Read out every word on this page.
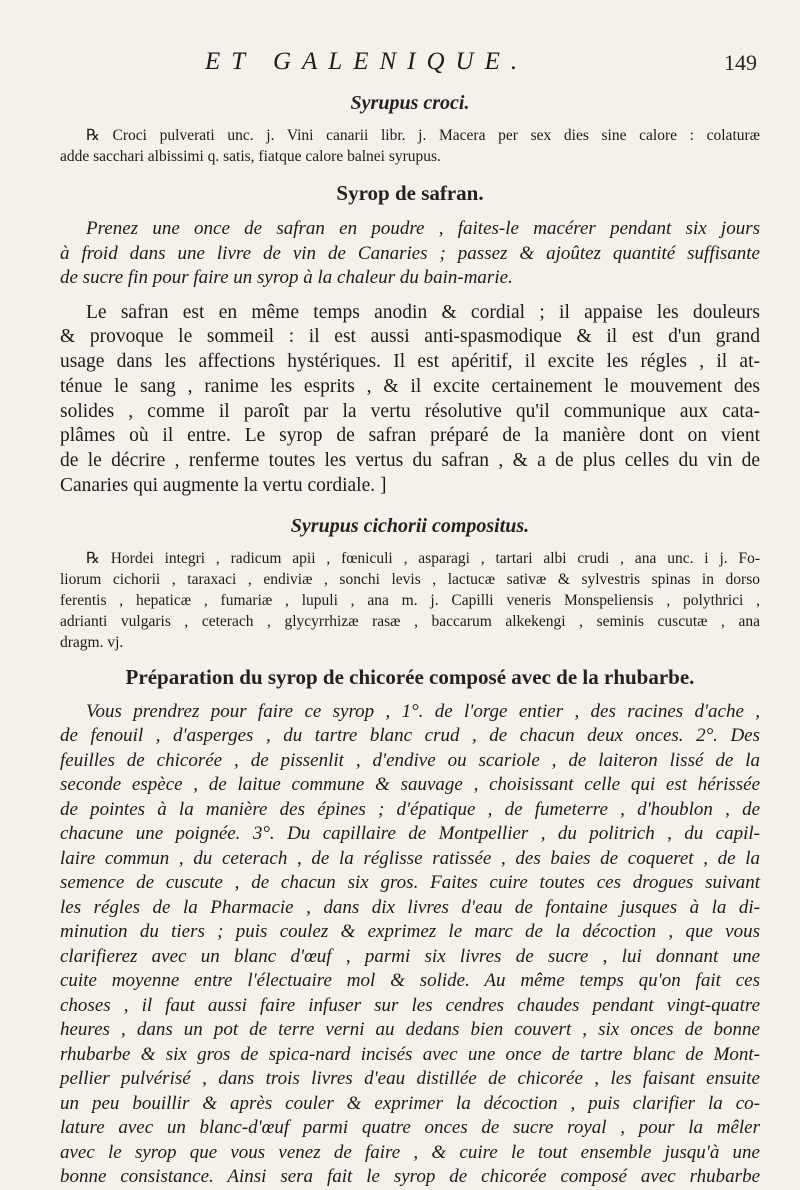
ET GALENIQUE.	149
Syrupus croci.

℞ Croci pulverati unc. j. Vini canarii libr. j. Macera per sex dies sine calore : colaturæ
adde sacchari albissimi q. satis, fiatque calore balnei syrupus.

Syrop de safran.

Prenez une once de safran en poudre , faites-le macérer pendant six jours
à froid dans une livre de vin de Canaries ; passez & ajoûtez quantité suffisante
de sucre fin pour faire un syrop à la chaleur du bain-marie.

Le safran est en même temps anodin & cordial ; il appaise les douleurs
& provoque le sommeil : il est aussi anti-spasmodique & il est d'un grand
usage dans les affections hystériques. Il est apéritif, il excite les régles , il at-
ténue le sang , ranime les esprits , & il excite certainement le mouvement des
solides , comme il paroît par la vertu résolutive qu'il communique aux cata-
plâmes où il entre. Le syrop de safran préparé de la manière dont on vient
de le décrire , renferme toutes les vertus du safran , & a de plus celles du vin de
Canaries qui augmente la vertu cordiale. ]

Syrupus cichorii compositus.

℞ Hordei integri , radicum apii , fœniculi , asparagi , tartari albi crudi , ana unc. i j. Fo-
liorum cichorii , taraxaci , endiviæ , sonchi levis , lactucæ sativæ & sylvestris spinas in dorso
ferentis , hepaticæ , fumariæ , lupuli , ana m. j. Capilli veneris Monspeliensis , polythrici ,
adrianti vulgaris , ceterach , glycyrrhizæ rasæ , baccarum alkekengi , seminis cuscutæ , ana
dragm. vj.

Préparation du syrop de chicorée composé avec de la rhubarbe.

Vous prendrez pour faire ce syrop , 1°. de l'orge entier , des racines d'ache ,
de fenouil , d'asperges , du tartre blanc crud , de chacun deux onces. 2°. Des
feuilles de chicorée , de pissenlit , d'endive ou scariole , de laiteron lissé de la
seconde espèce , de laitue commune & sauvage , choisissant celle qui est hérissée
de pointes à la manière des épines ; d'épatique , de fumeterre , d'houblon , de
chacune une poignée. 3°. Du capillaire de Montpellier , du politrich , du capil-
laire commun , du ceterach , de la réglisse ratissée , des baies de coqueret , de la
semence de cuscute , de chacun six gros. Faites cuire toutes ces drogues suivant
les régles de la Pharmacie , dans dix livres d'eau de fontaine jusques à la di-
minution du tiers ; puis coulez & exprimez le marc de la décoction , que vous
clarifierez avec un blanc d'œuf , parmi six livres de sucre , lui donnant une
cuite moyenne entre l'électuaire mol & solide. Au même temps qu'on fait ces
choses , il faut aussi faire infuser sur les cendres chaudes pendant vingt-quatre
heures , dans un pot de terre verni au dedans bien couvert , six onces de bonne
rhubarbe & six gros de spica-nard incisés avec une once de tartre blanc de Mont-
pellier pulvérisé , dans trois livres d'eau distillée de chicorée , les faisant ensuite
un peu bouillir & après couler & exprimer la décoction , puis clarifier la co-
lature avec un blanc-d'œuf parmi quatre onces de sucre royal , pour la mêler
avec le syrop que vous venez de faire , & cuire le tout ensemble jusqu'à une
bonne consistance. Ainsi sera fait le syrop de chicorée composé avec rhubarbe
